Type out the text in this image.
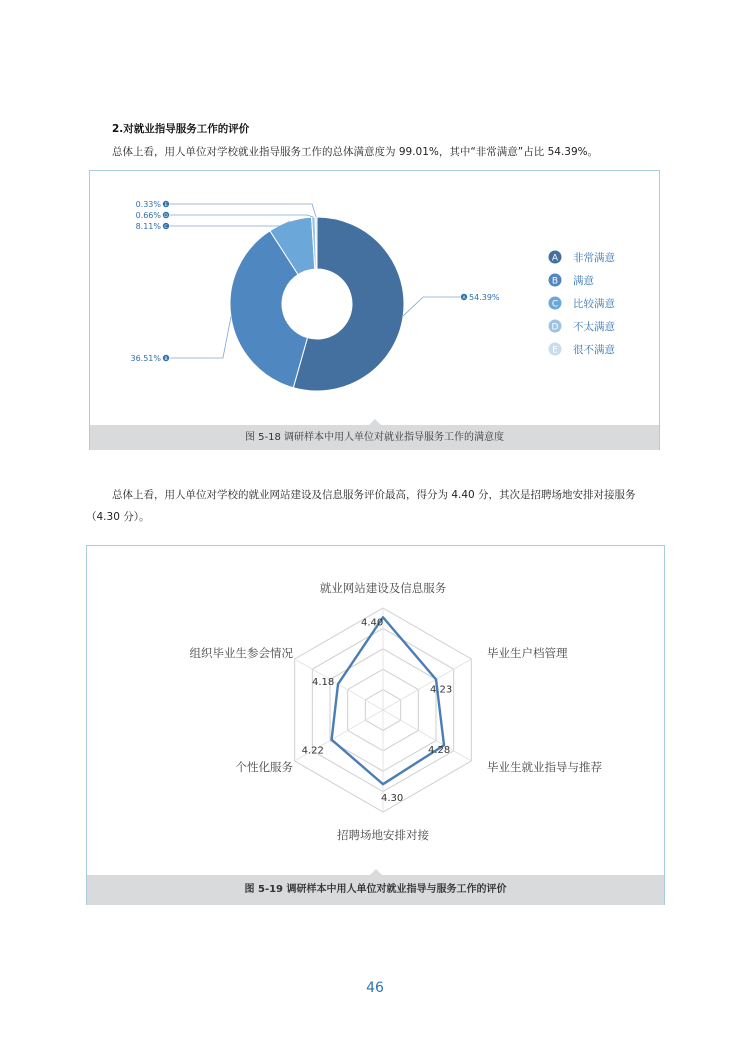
2.对就业指导服务工作的评价
总体上看，用人单位对学校就业指导服务工作的总体满意度为 99.01%，其中“非常满意”占比 54.39%。
A 54.39%
B
36.51%
C
8.11%
D
0.66%
E
0.33%
A 非常满意
B 满意
C 比较满意
D 不太满意
E 很不满意
图 5-18 调研样本中用人单位对就业指导服务工作的满意度
总体上看，用人单位对学校的就业网站建设及信息服务评价最高，得分为 4.40 分，其次是招聘场地安排对接服务（4.30 分）。
4.40
4.23
4.28
4.30
4.22
4.18
就业网站建设及信息服务
毕业生户档管理
毕业生就业指导与推荐
招聘场地安排对接
个性化服务
组织毕业生参会情况
图 5-19 调研样本中用人单位对就业指导与服务工作的评价
46
